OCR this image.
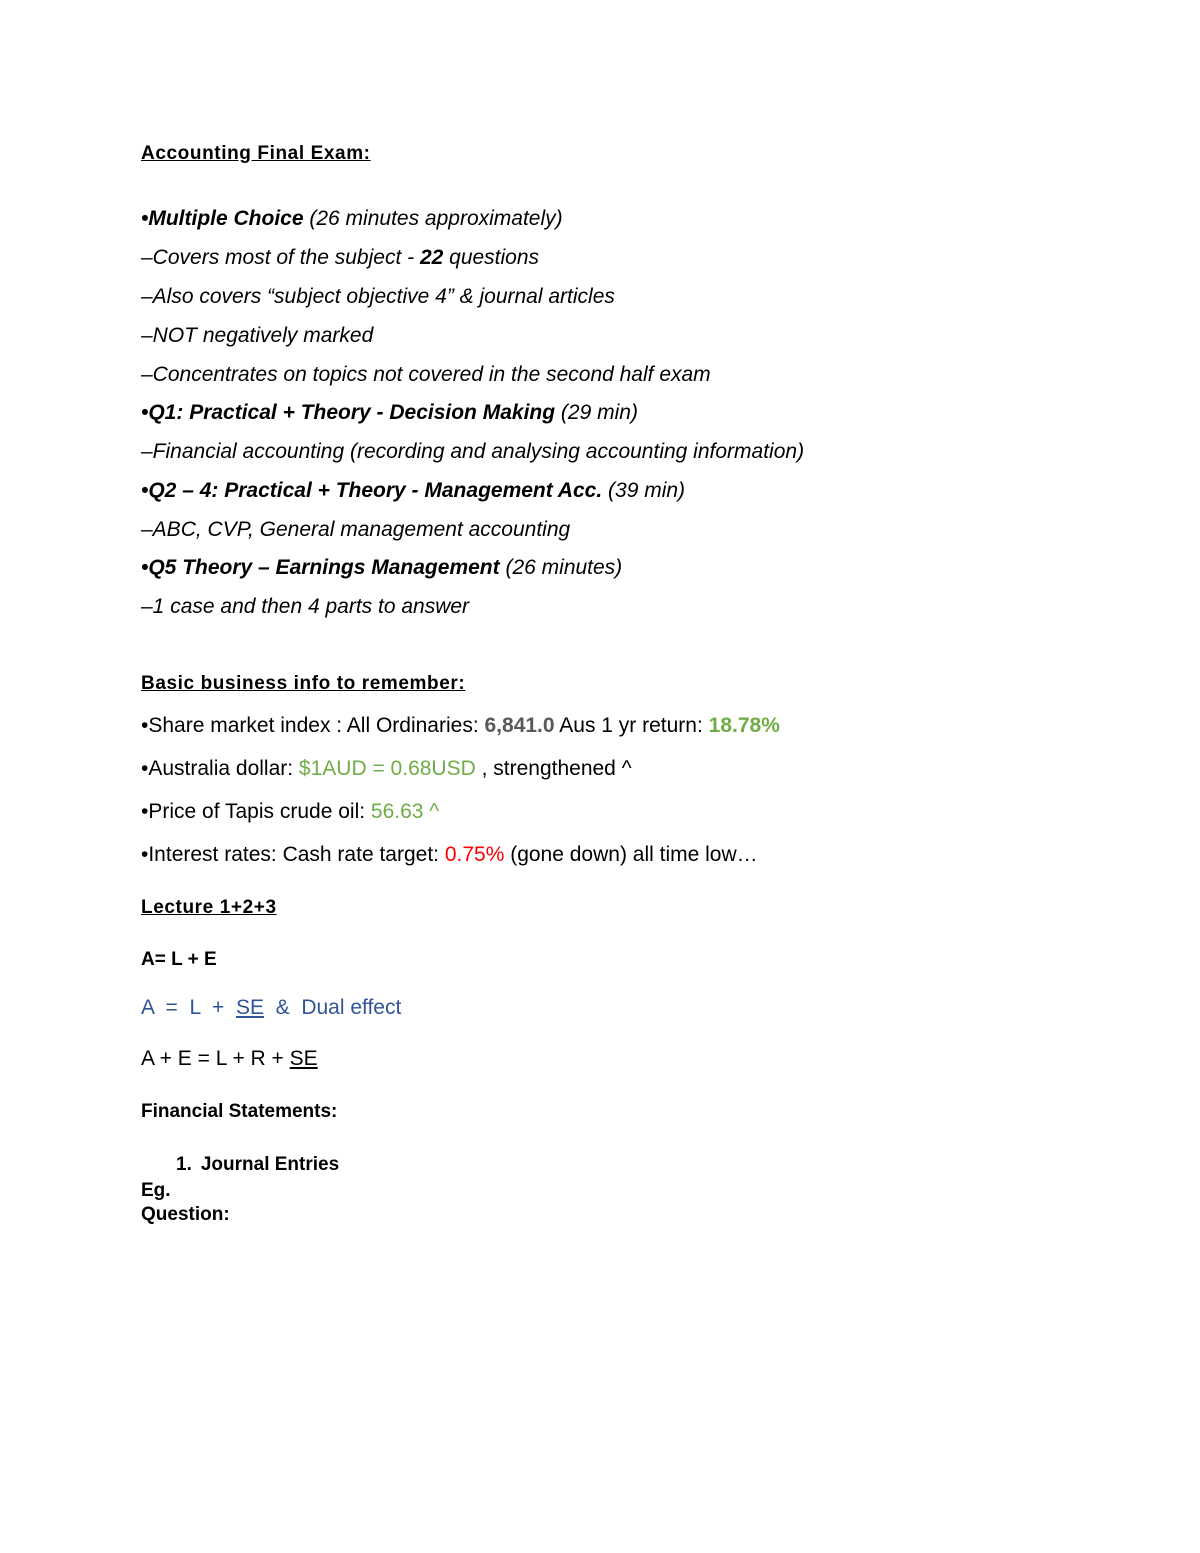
Accounting Final Exam:
•Multiple Choice (26 minutes approximately)
–Covers most of the subject - 22 questions
–Also covers “subject objective 4” & journal articles
–NOT negatively marked
–Concentrates on topics not covered in the second half exam
•Q1: Practical + Theory - Decision Making (29 min)
–Financial accounting (recording and analysing accounting information)
•Q2 – 4: Practical + Theory - Management Acc. (39 min)
–ABC, CVP, General management accounting
•Q5 Theory – Earnings Management (26 minutes)
–1 case and then 4 parts to answer
Basic business info to remember:
•Share market index : All Ordinaries: 6,841.0 Aus 1 yr return: 18.78%
•Australia dollar: $1AUD = 0.68USD , strengthened ^
•Price of Tapis crude oil: 56.63 ^
•Interest rates: Cash rate target: 0.75% (gone down) all time low…
Lecture 1+2+3
A= L + E
A  =  L  +  SE  &  Dual effect
A + E = L + R + SE
Financial Statements:
1. Journal Entries
Eg.
Question:
